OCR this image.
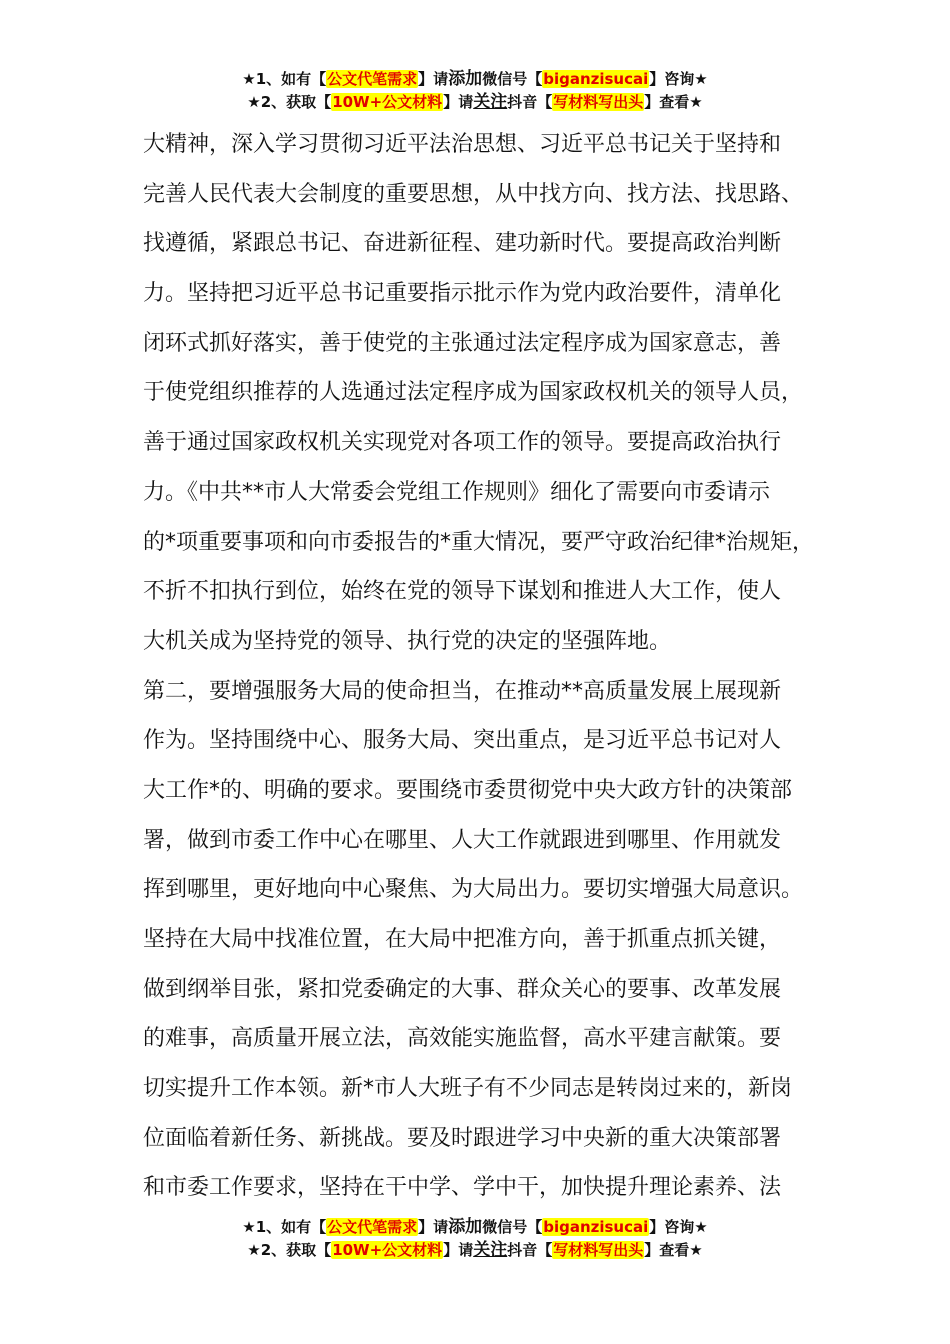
★1、如有【公文代笔需求】请添加微信号【biganzisucai】咨询★
★2、获取【10W+公文材料】请关注抖音【写材料写出头】查看★
大精神，深入学习贯彻习近平法治思想、习近平总书记关于坚持和
完善人民代表大会制度的重要思想，从中找方向、找方法、找思路、
找遵循，紧跟总书记、奋进新征程、建功新时代。要提高政治判断
力。坚持把习近平总书记重要指示批示作为党内政治要件，清单化
闭环式抓好落实，善于使党的主张通过法定程序成为国家意志，善
于使党组织推荐的人选通过法定程序成为国家政权机关的领导人员，
善于通过国家政权机关实现党对各项工作的领导。要提高政治执行
力。《中共**市人大常委会党组工作规则》细化了需要向市委请示
的*项重要事项和向市委报告的*重大情况，要严守政治纪律*治规矩，
不折不扣执行到位，始终在党的领导下谋划和推进人大工作，使人
大机关成为坚持党的领导、执行党的决定的坚强阵地。
第二，要增强服务大局的使命担当，在推动**高质量发展上展现新
作为。坚持围绕中心、服务大局、突出重点，是习近平总书记对人
大工作*的、明确的要求。要围绕市委贯彻党中央大政方针的决策部
署，做到市委工作中心在哪里、人大工作就跟进到哪里、作用就发
挥到哪里，更好地向中心聚焦、为大局出力。要切实增强大局意识。
坚持在大局中找准位置，在大局中把准方向，善于抓重点抓关键，
做到纲举目张，紧扣党委确定的大事、群众关心的要事、改革发展
的难事，高质量开展立法，高效能实施监督，高水平建言献策。要
切实提升工作本领。新*市人大班子有不少同志是转岗过来的，新岗
位面临着新任务、新挑战。要及时跟进学习中央新的重大决策部署
和市委工作要求，坚持在干中学、学中干，加快提升理论素养、法
★1、如有【公文代笔需求】请添加微信号【biganzisucai】咨询★
★2、获取【10W+公文材料】请关注抖音【写材料写出头】查看★
